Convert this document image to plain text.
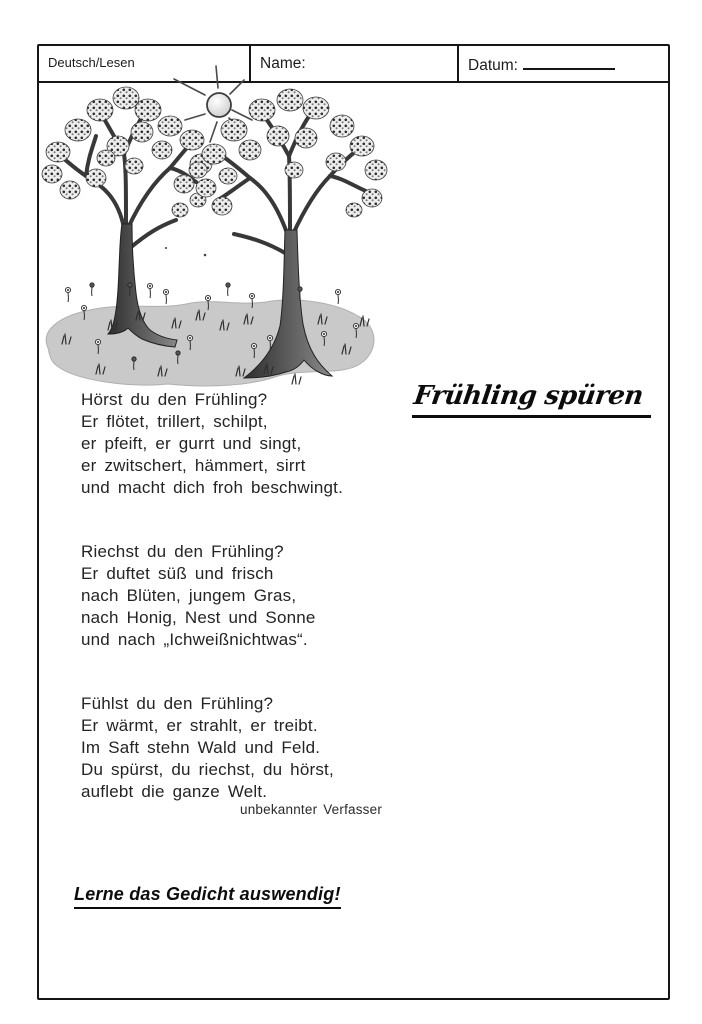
Deutsch/Lesen	Name:	Datum:
Frühling spüren
Hörst du den Frühling?
Er flötet, trillert, schilpt,
er pfeift, er gurrt und singt,
er zwitschert, hämmert, sirrt
und macht dich froh beschwingt.
Riechst du den Frühling?
Er duftet süß und frisch
nach Blüten, jungem Gras,
nach Honig, Nest und Sonne
und nach „Ichweißnichtwas“.
Fühlst du den Frühling?
Er wärmt, er strahlt, er treibt.
Im Saft stehn Wald und Feld.
Du spürst, du riechst, du hörst,
auflebt die ganze Welt.
unbekannter Verfasser
Lerne das Gedicht auswendig!
